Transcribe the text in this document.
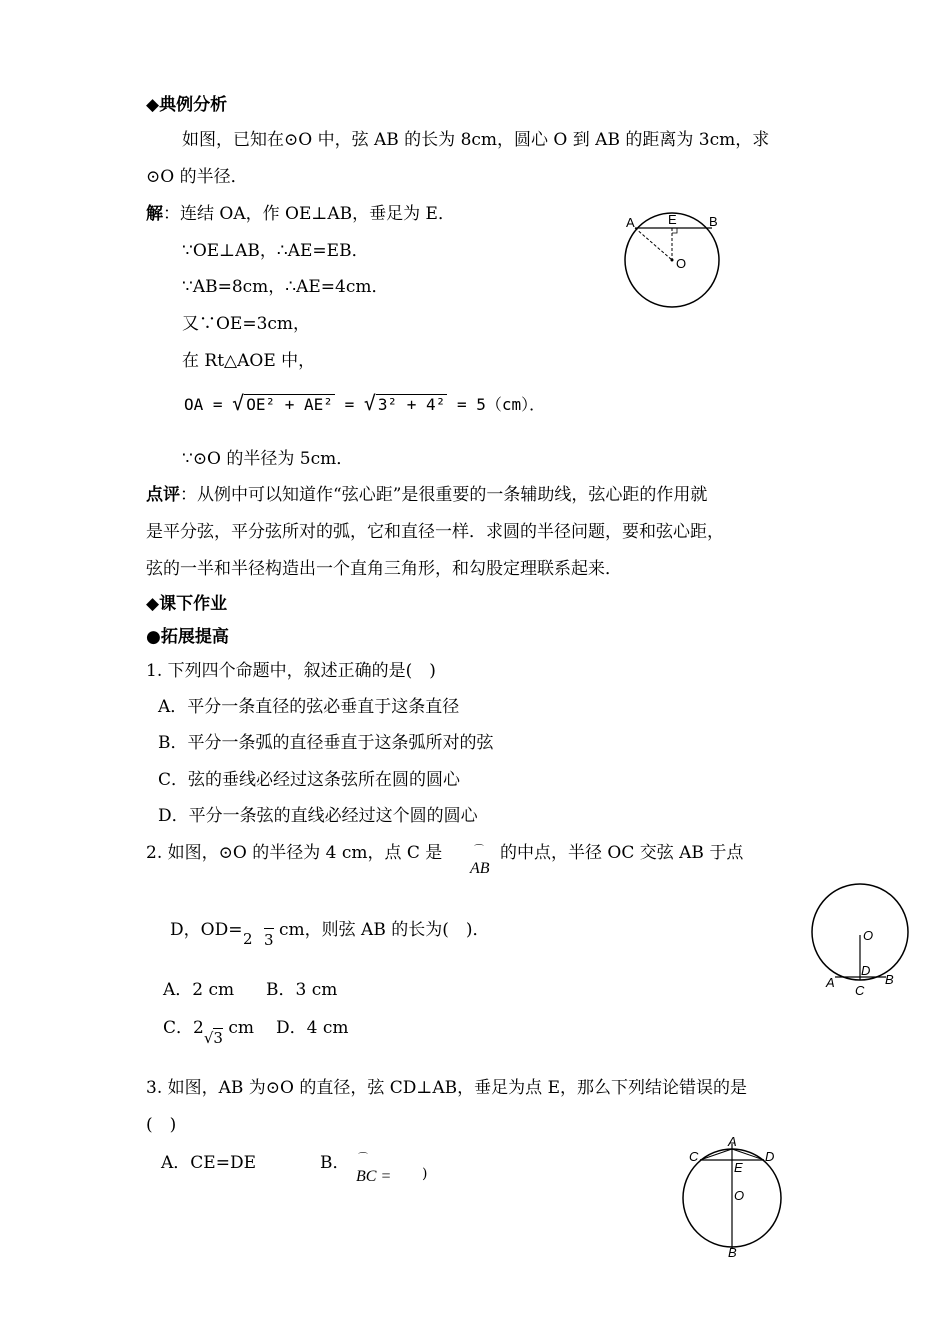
◆典例分析
如图，已知在⊙O 中，弦 AB 的长为 8cm，圆心 O 到 AB 的距离为 3cm，求
⊙O 的半径．
解：连结 OA，作 OE⊥AB，垂足为 E．
∵OE⊥AB，∴AE=EB．
∵AB=8cm，∴AE=4cm．
又∵OE=3cm，
在 Rt△AOE 中，
OA = √ OE² + AE² = √ 3² + 4² = 5（cm）．
∵⊙O 的半径为 5cm．
A	E B
O
点评：从例中可以知道作“弦心距”是很重要的一条辅助线，弦心距的作用就
是平分弦，平分弦所对的弧，它和直径一样．求圆的半径问题，要和弦心距，
弦的一半和半径构造出一个直角三角形，和勾股定理联系起来．
◆课下作业
●拓展提高
1. 下列四个命题中，叙述正确的是(　)
A．平分一条直径的弦必垂直于这条直径
B．平分一条弧的直径垂直于这条弧所对的弦
C．弦的垂线必经过这条弦所在圆的圆心
D．平分一条弦的直线必经过这个圆的圆心
2. 如图，⊙O 的半径为 4 cm，点 C 是
AB
⌒ 的中点，半径 OC 交弦 AB 于点
D，OD= 2 3 cm，则弦 AB 的长为(　)．
A．2 cm B．3 cm
C．2√3 cm D．4 cm
O
D
A
C
B
3. 如图，AB 为⊙O 的直径，弦 CD⊥AB，垂足为点 E，那么下列结论错误的是
(　)
A．CE=DE	B． ⌒
BC = )
A
C	D
E
O
B
